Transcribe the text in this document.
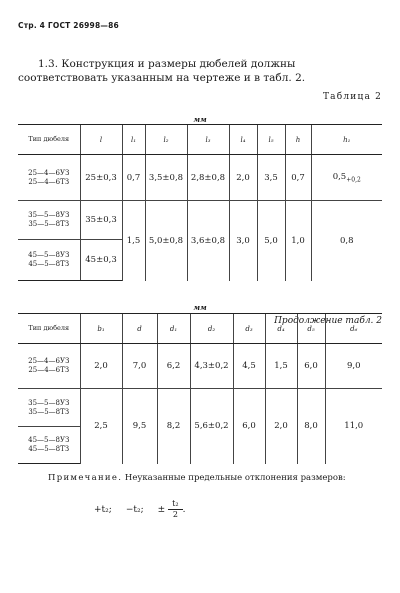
Стр. 4 ГОСТ 26998—86
1.3. Конструкция и размеры дюбелей должны соответствовать указанным на чертеже и в табл. 2.
Таблица 2
мм
Тип дюбеля	l	l₁	l₂	l₃	l₄	l₅	h	h₁

25—4—6УЗ
25—4—6ТЗ	25±0,3	0,7	3,5±0,8	2,8±0,8	2,0	3,5	0,7	$0,5_{+0,2}$

35—5—8УЗ
35—5—8ТЗ	35±0,3	1,5	5,0±0,8	3,6±0,8	3,0	5,0	1,0	0,8

45—5—8УЗ
45—5—8ТЗ	45±0,3							
Продолжение табл. 2
мм
Тип дюбеля	b₁	d	d₁	d₂	d₃	d₄	d₅	d₆

25—4—6УЗ
25—4—6ТЗ	2,0	7,0	6,2	4,3±0,2	4,5	1,5	6,0	9,0

35—5—8УЗ
35—5—8ТЗ	2,5	9,5	8,2	5,6±0,2	6,0	2,0	8,0	11,0

45—5—8УЗ
45—5—8ТЗ								
Примечание. Неуказанные предельные отклонения размеров:
+t₂; −t₂; ± $\frac{\text{t₂}}{2}$ .
